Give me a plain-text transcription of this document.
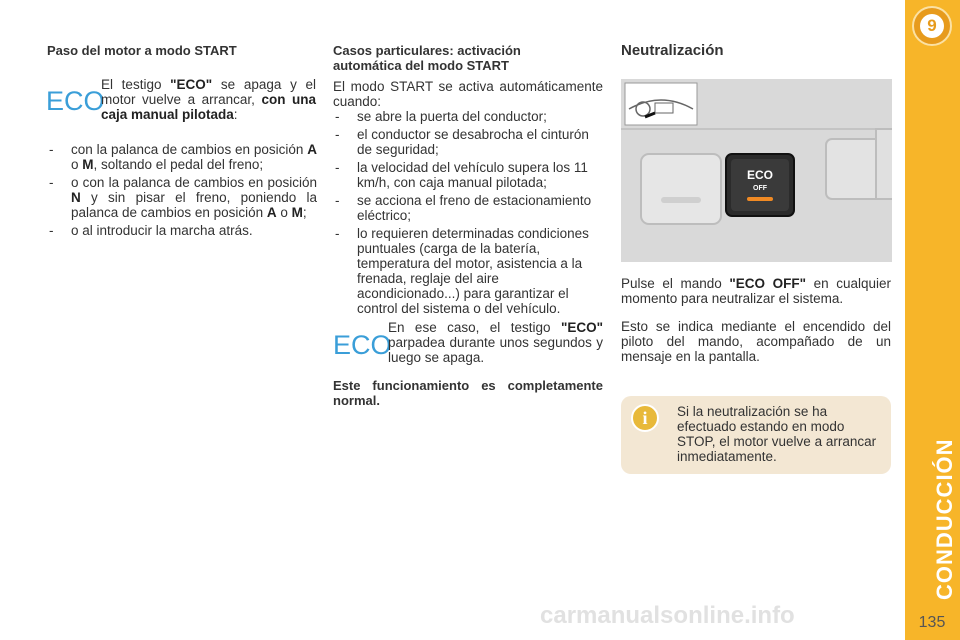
Paso del motor a modo START
ECO
El testigo "ECO" se apaga y el motor vuelve a arrancar, con una caja manual pilotada:
- con la palanca de cambios en posición A o M, soltando el pedal del freno;
- o con la palanca de cambios en posición N y sin pisar el freno, poniendo la palanca de cambios en posición A o M;
- o al introducir la marcha atrás.
Casos particulares: activación automática del modo START
El modo START se activa automáticamente cuando:
- se abre la puerta del conductor;
- el conductor se desabrocha el cinturón de seguridad;
- la velocidad del vehículo supera los 11 km/h, con caja manual pilotada;
- se acciona el freno de estacionamiento eléctrico;
- lo requieren determinadas condiciones puntuales (carga de la batería, temperatura del motor, asistencia a la frenada, reglaje del aire acondicionado...) para garantizar el control del sistema o del vehículo.
ECO
En ese caso, el testigo "ECO" parpadea durante unos segundos y luego se apaga.
Este funcionamiento es completamente normal.
Neutralización
ECO
OFF
Pulse el mando "ECO OFF" en cualquier momento para neutralizar el sistema.
Esto se indica mediante el encendido del piloto del mando, acompañado de un mensaje en la pantalla.
i	Si la neutralización se ha efectuado estando en modo STOP, el motor vuelve a arrancar inmediatamente.
9
CONDUCCIÓN
135
carmanualsonline.info
